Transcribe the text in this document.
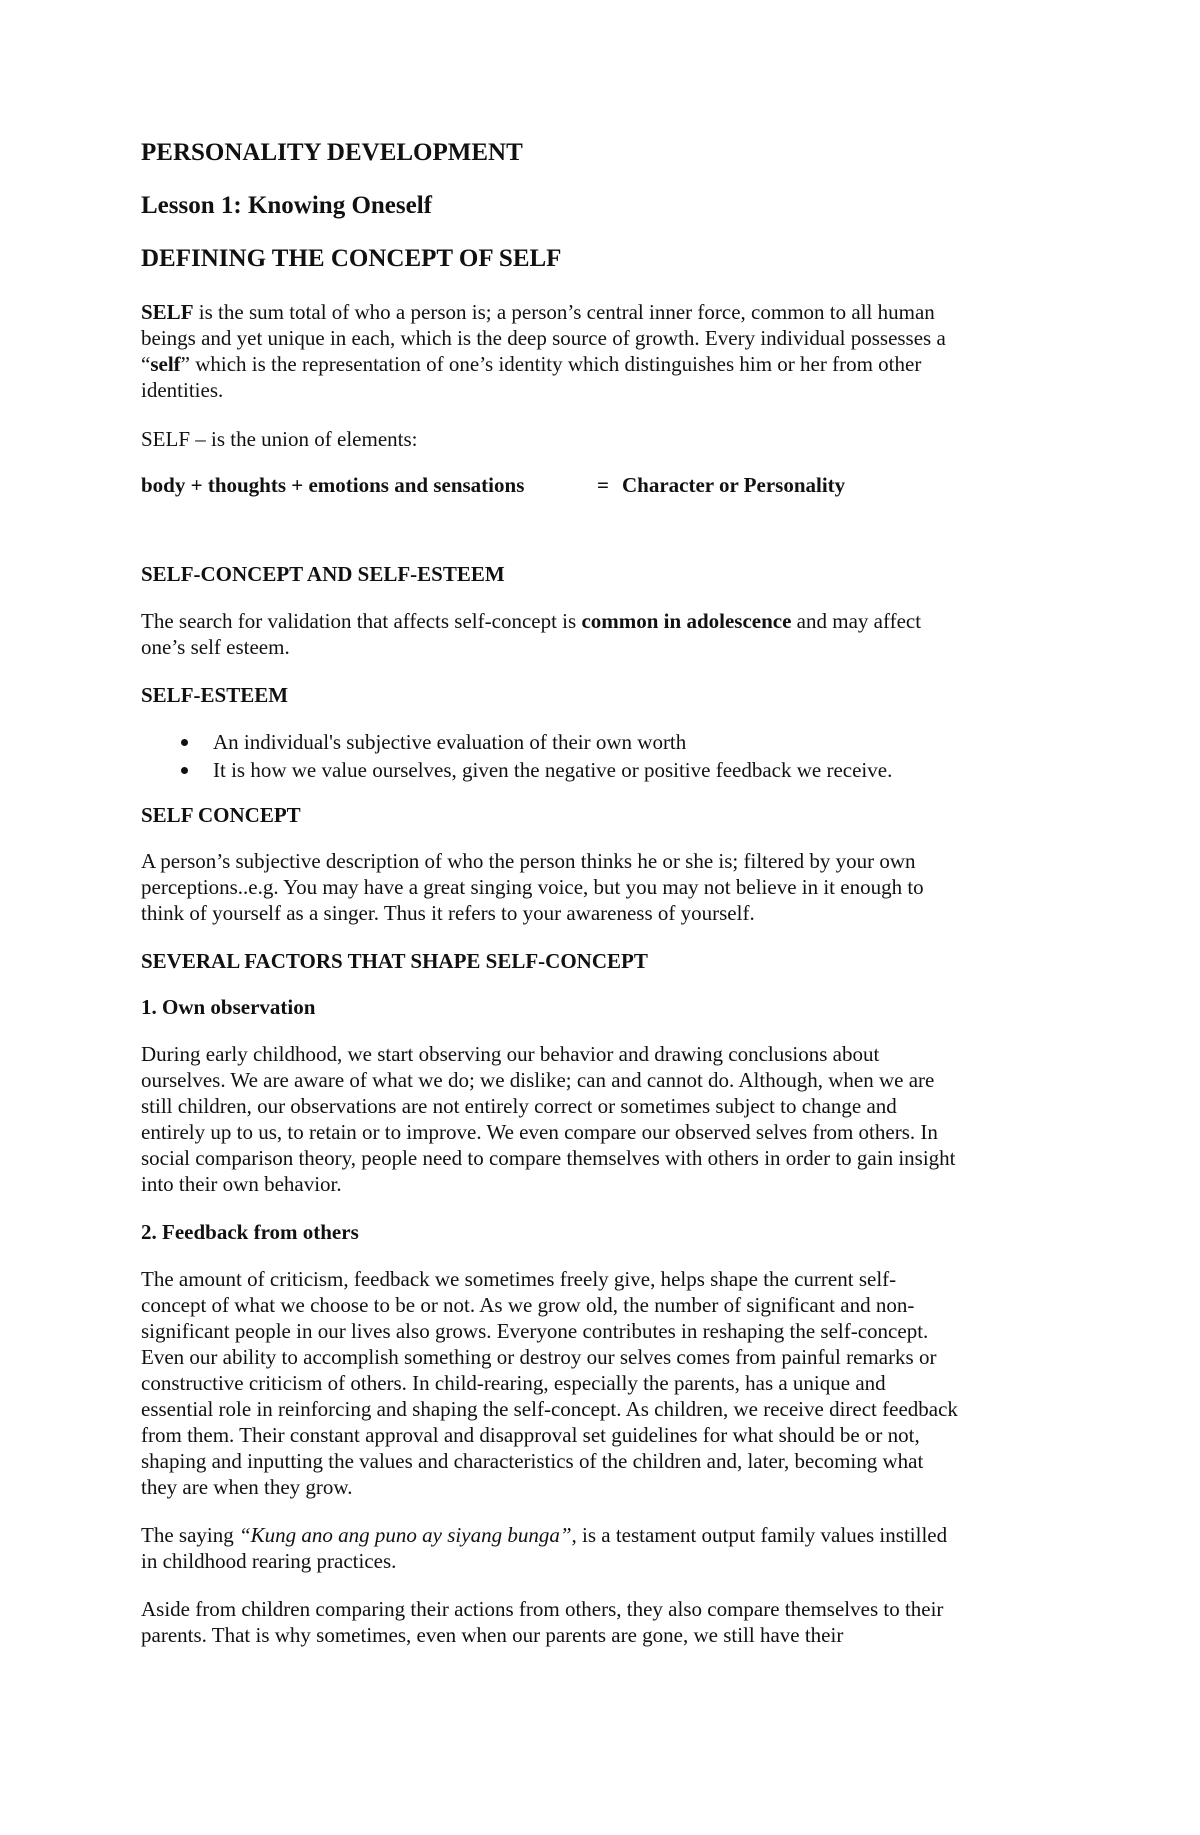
PERSONALITY DEVELOPMENT
Lesson 1: Knowing Oneself
DEFINING THE CONCEPT OF SELF
SELF is the sum total of who a person is; a person’s central inner force, common to all human
beings and yet unique in each, which is the deep source of growth. Every individual possesses a
“self” which is the representation of one’s identity which distinguishes him or her from other
identities.
SELF – is the union of elements:
body + thoughts + emotions and sensations	= Character or Personality
SELF-CONCEPT AND SELF-ESTEEM
The search for validation that affects self-concept is common in adolescence and may affect
one’s self esteem.
SELF-ESTEEM
An individual's subjective evaluation of their own worth
It is how we value ourselves, given the negative or positive feedback we receive.
SELF CONCEPT
A person’s subjective description of who the person thinks he or she is; filtered by your own
perceptions..e.g. You may have a great singing voice, but you may not believe in it enough to
think of yourself as a singer. Thus it refers to your awareness of yourself.
SEVERAL FACTORS THAT SHAPE SELF-CONCEPT
1. Own observation
During early childhood, we start observing our behavior and drawing conclusions about
ourselves. We are aware of what we do; we dislike; can and cannot do. Although, when we are
still children, our observations are not entirely correct or sometimes subject to change and
entirely up to us, to retain or to improve. We even compare our observed selves from others. In
social comparison theory, people need to compare themselves with others in order to gain insight
into their own behavior.
2. Feedback from others
The amount of criticism, feedback we sometimes freely give, helps shape the current self-
concept of what we choose to be or not. As we grow old, the number of significant and non-
significant people in our lives also grows. Everyone contributes in reshaping the self-concept.
Even our ability to accomplish something or destroy our selves comes from painful remarks or
constructive criticism of others. In child-rearing, especially the parents, has a unique and
essential role in reinforcing and shaping the self-concept. As children, we receive direct feedback
from them. Their constant approval and disapproval set guidelines for what should be or not,
shaping and inputting the values and characteristics of the children and, later, becoming what
they are when they grow.
The saying “Kung ano ang puno ay siyang bunga”, is a testament output family values instilled
in childhood rearing practices.
Aside from children comparing their actions from others, they also compare themselves to their
parents. That is why sometimes, even when our parents are gone, we still have their
